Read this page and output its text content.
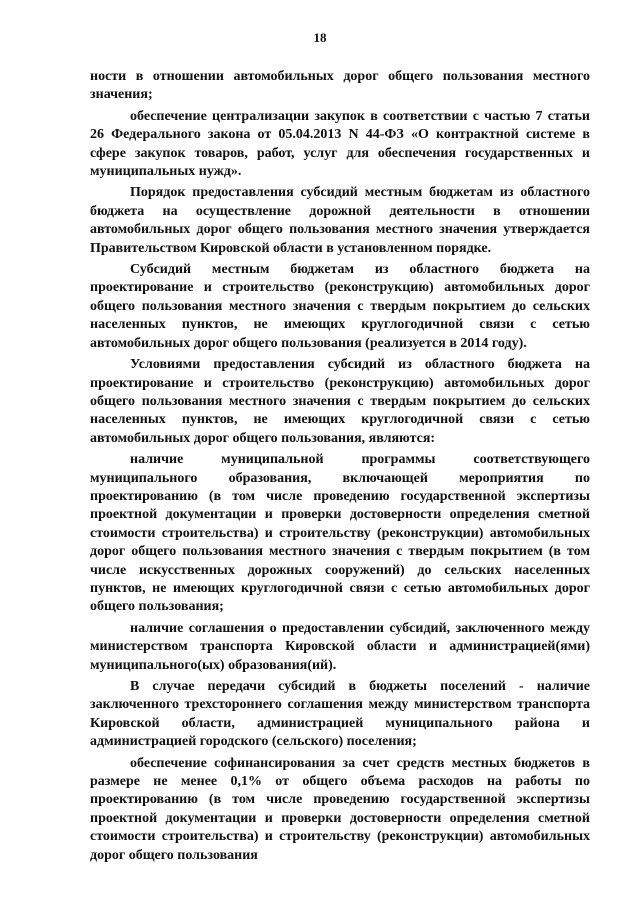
18

ности в отношении автомобильных дорог общего пользования местного значения;

обеспечение централизации закупок в соответствии с частью 7 статьи 26 Федерального закона от 05.04.2013 N 44-ФЗ «О контрактной системе в сфере закупок товаров, работ, услуг для обеспечения государственных и муниципальных нужд».

Порядок предоставления субсидий местным бюджетам из областного бюджета на осуществление дорожной деятельности в отношении автомобильных дорог общего пользования местного значения утверждается Правительством Кировской области в установленном порядке.

Субсидий местным бюджетам из областного бюджета на проектирование и строительство (реконструкцию) автомобильных дорог общего пользования местного значения с твердым покрытием до сельских населенных пунктов, не имеющих круглогодичной связи с сетью автомобильных дорог общего пользования (реализуется в 2014 году).

Условиями предоставления субсидий из областного бюджета на проектирование и строительство (реконструкцию) автомобильных дорог общего пользования местного значения с твердым покрытием до сельских населенных пунктов, не имеющих круглогодичной связи с сетью автомобильных дорог общего пользования, являются:

наличие муниципальной программы соответствующего муниципального образования, включающей мероприятия по проектированию (в том числе проведению государственной экспертизы проектной документации и проверки достоверности определения сметной стоимости строительства) и строительству (реконструкции) автомобильных дорог общего пользования местного значения с твердым покрытием (в том числе искусственных дорожных сооружений) до сельских населенных пунктов, не имеющих круглогодичной связи с сетью автомобильных дорог общего пользования;

наличие соглашения о предоставлении субсидий, заключенного между министерством транспорта Кировской области и администрацией(ями) муниципального(ых) образования(ий).

В случае передачи субсидий в бюджеты поселений - наличие заключенного трехстороннего соглашения между министерством транспорта Кировской области, администрацией муниципального района и администрацией городского (сельского) поселения;

обеспечение софинансирования за счет средств местных бюджетов в размере не менее 0,1% от общего объема расходов на работы по проектированию (в том числе проведению государственной экспертизы проектной документации и проверки достоверности определения сметной стоимости строительства) и строительству (реконструкции) автомобильных дорог общего пользования
